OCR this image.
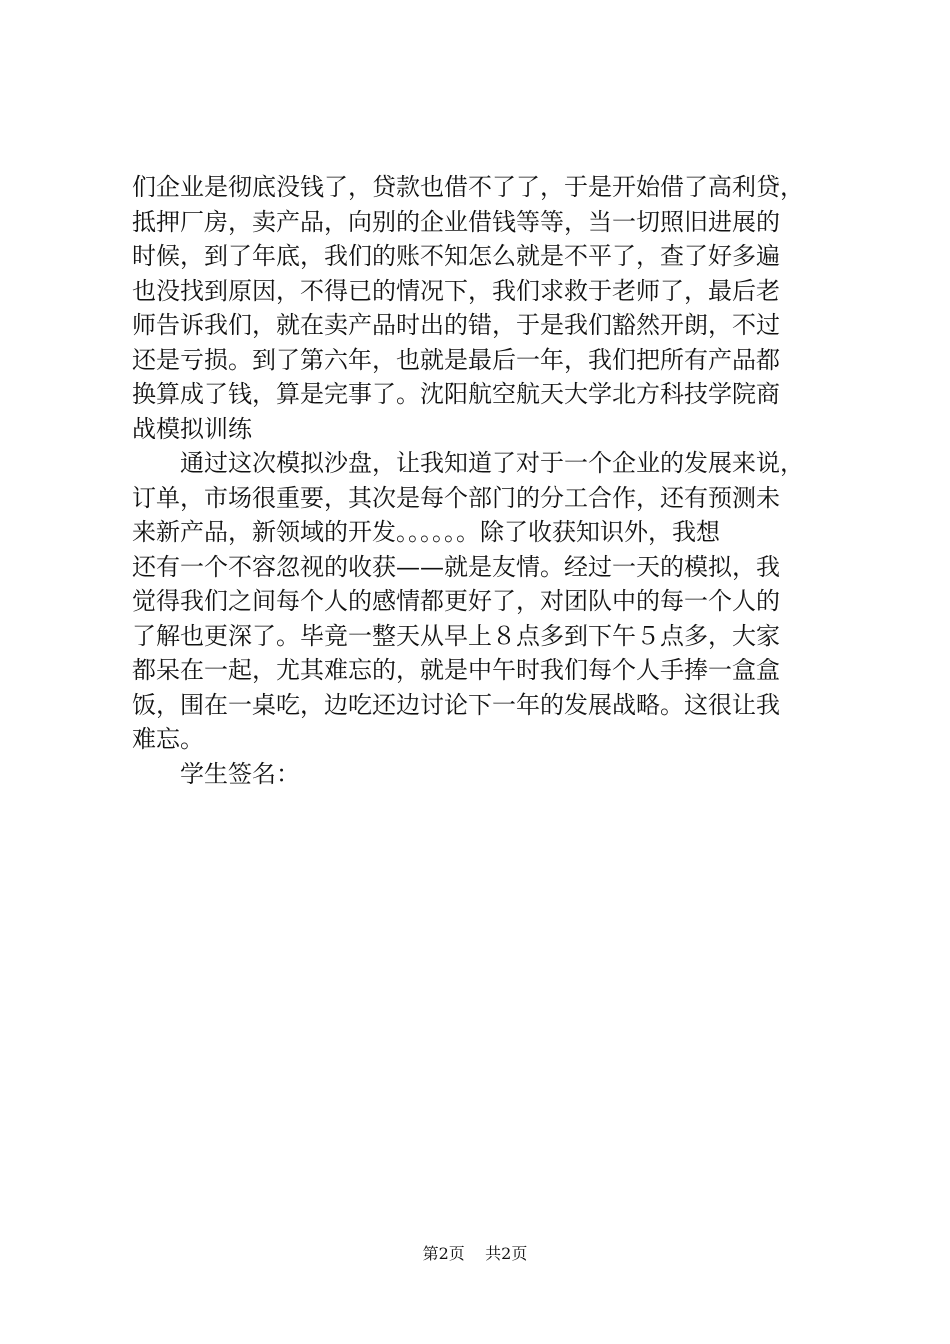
们企业是彻底没钱了，贷款也借不了了，于是开始借了高利贷，
抵押厂房，卖产品，向别的企业借钱等等，当一切照旧进展的
时候，到了年底，我们的账不知怎么就是不平了，查了好多遍
也没找到原因，不得已的情况下，我们求救于老师了，最后老
师告诉我们，就在卖产品时出的错，于是我们豁然开朗，不过
还是亏损。到了第六年，也就是最后一年，我们把所有产品都
换算成了钱，算是完事了。沈阳航空航天大学北方科技学院商
战模拟训练
通过这次模拟沙盘，让我知道了对于一个企业的发展来说，
订单，市场很重要，其次是每个部门的分工合作，还有预测未
来新产品，新领域的开发。。。。。。除了收获知识外，我想
还有一个不容忽视的收获——就是友情。经过一天的模拟，我
觉得我们之间每个人的感情都更好了，对团队中的每一个人的
了解也更深了。毕竟一整天从早上８点多到下午５点多，大家
都呆在一起，尤其难忘的，就是中午时我们每个人手捧一盒盒
饭，围在一桌吃，边吃还边讨论下一年的发展战略。这很让我
难忘。
学生签名：
第2页 共2页
